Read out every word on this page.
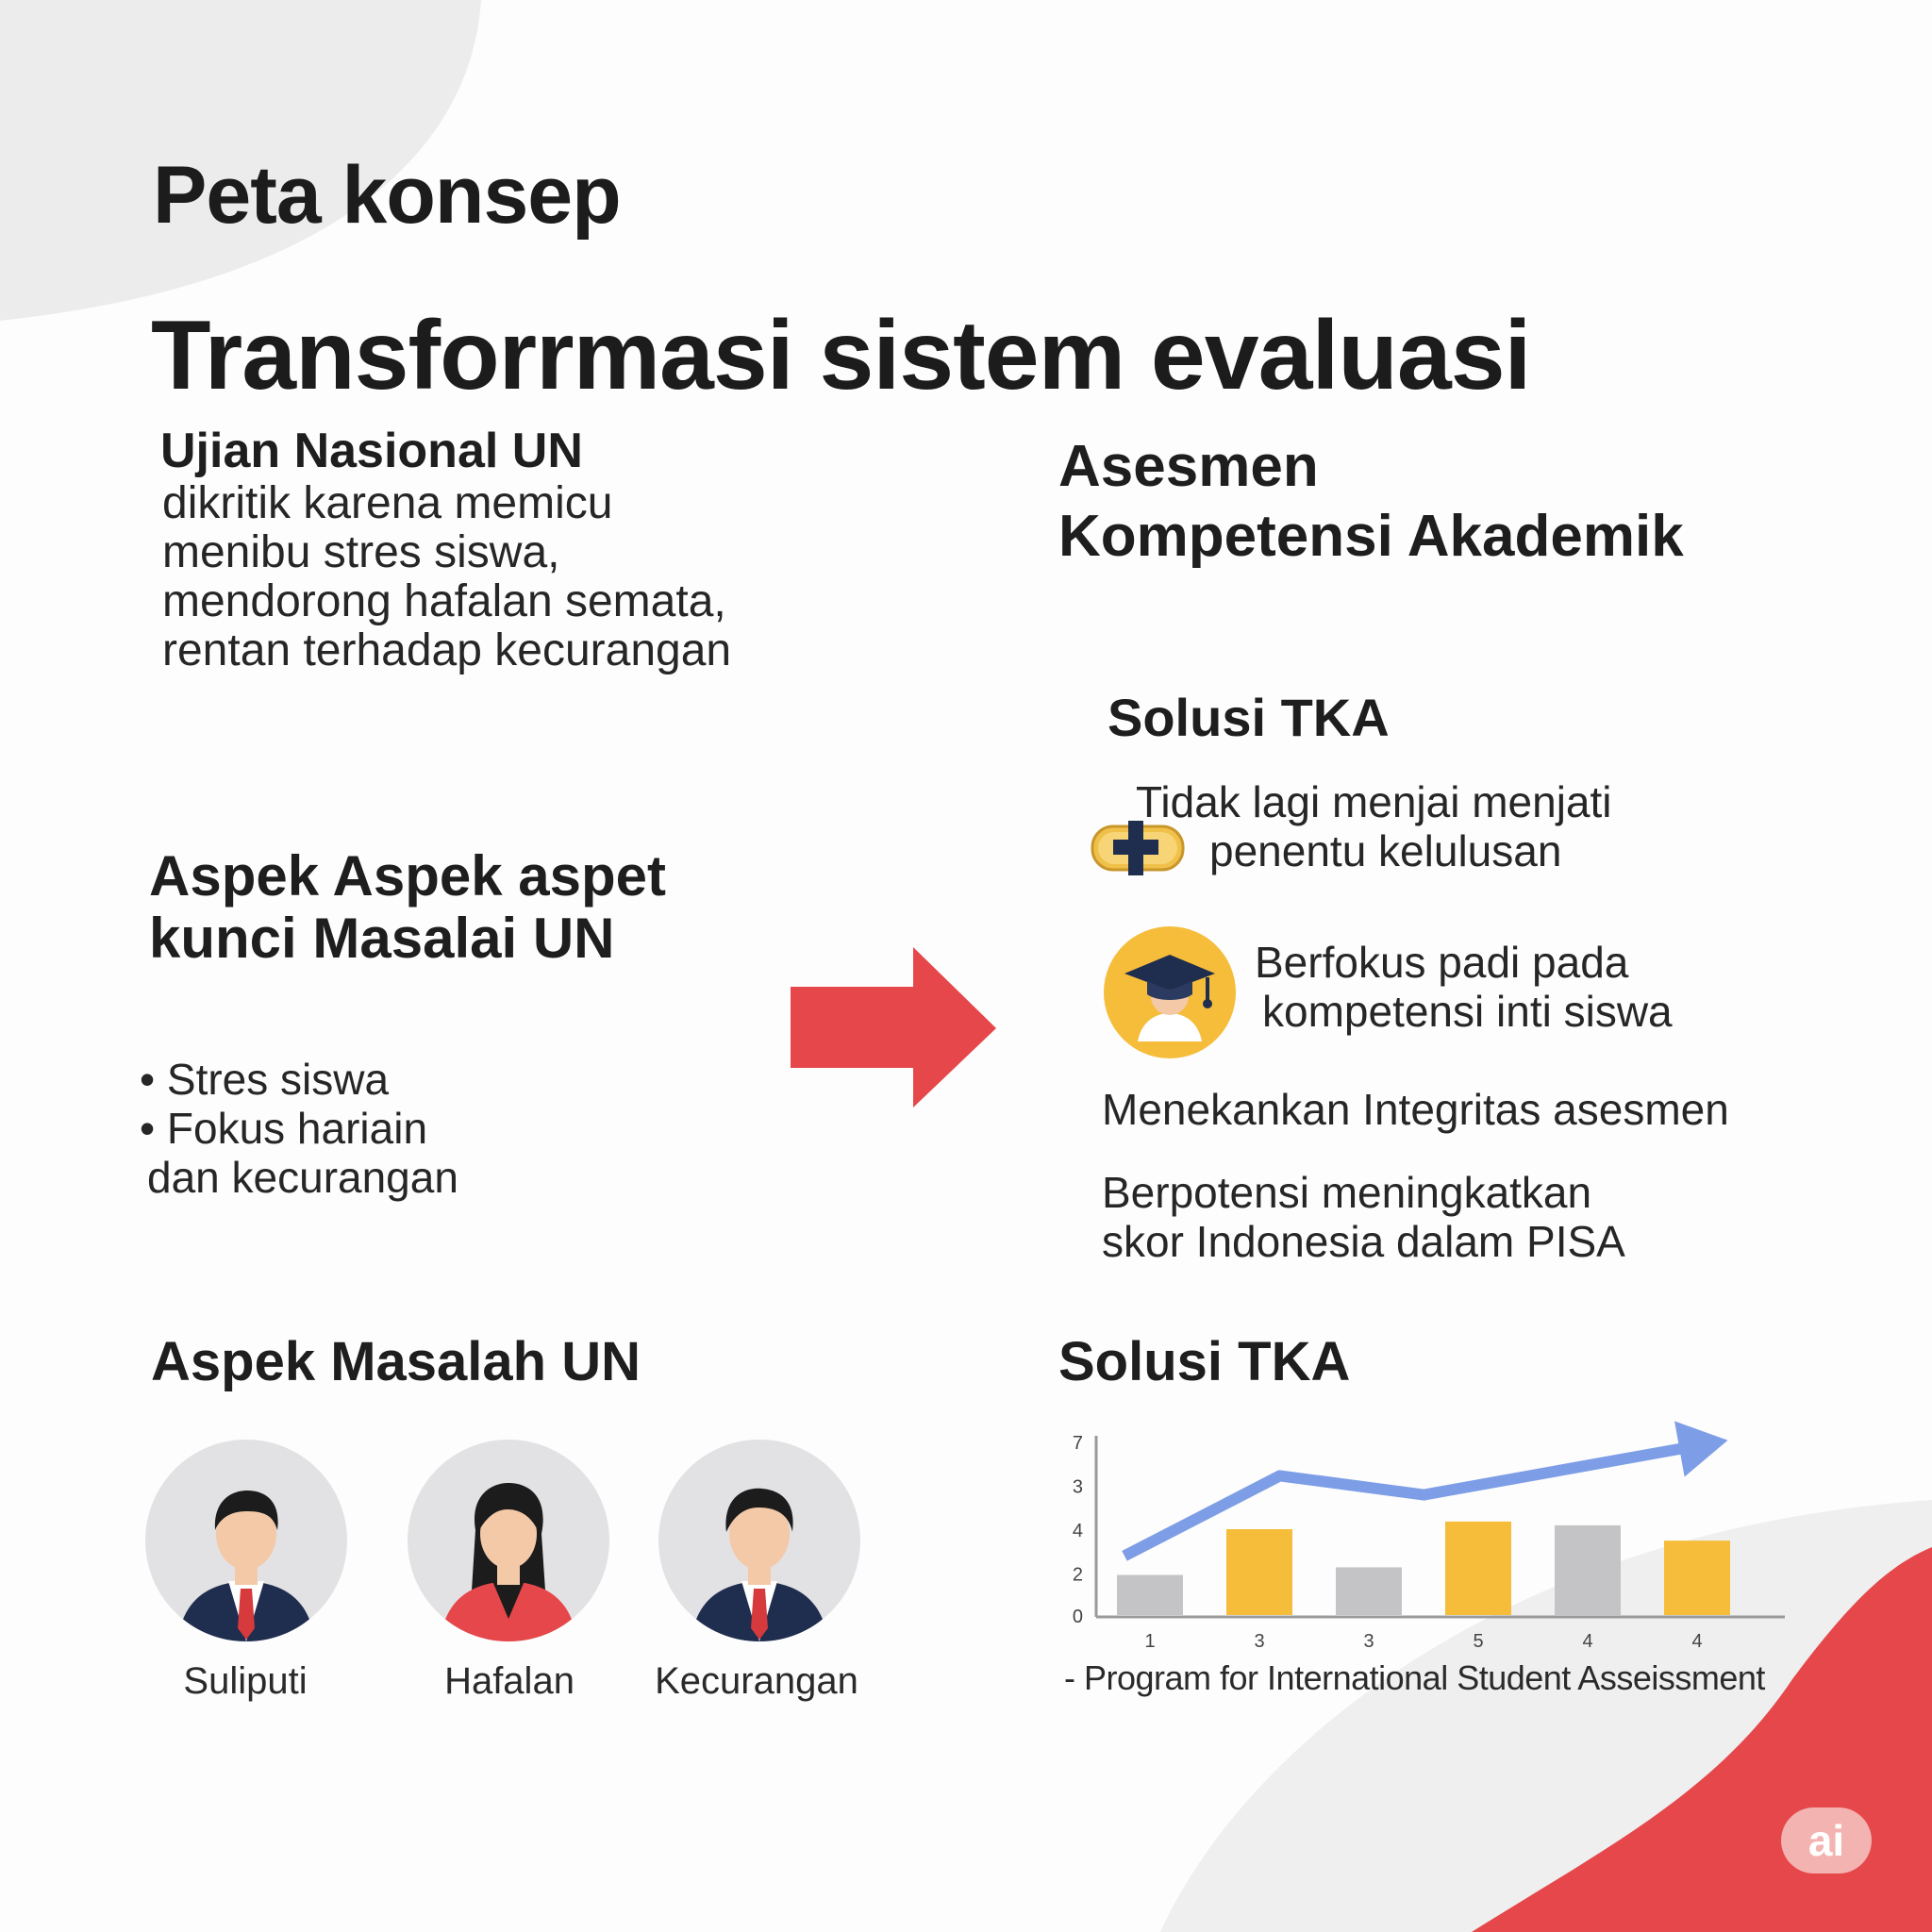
Peta konsep
Transforrmasi sistem evaluasi
Ujian Nasional UN
dikritik karena memicu
menibu stres siswa,
mendorong hafalan semata,
rentan terhadap kecurangan
Asesmen
Kompetensi Akademik
Solusi TKA
Tidak lagi menjai menjati
penentu kelulusan
Berfokus padi pada
kompetensi inti siswa
Menekankan Integritas asesmen
Berpotensi meningkatkan
skor Indonesia dalam PISA
Aspek Aspek aspet
kunci Masalai UN
• Stres siswa
• Fokus hariain
dan kecurangan
Aspek Masalah UN
Suliputi	Hafalan	Kecurangan
Solusi TKA
0
2
4
3
7
1	3	3	5	4	4
- Program for International Student Asseissment
ai
